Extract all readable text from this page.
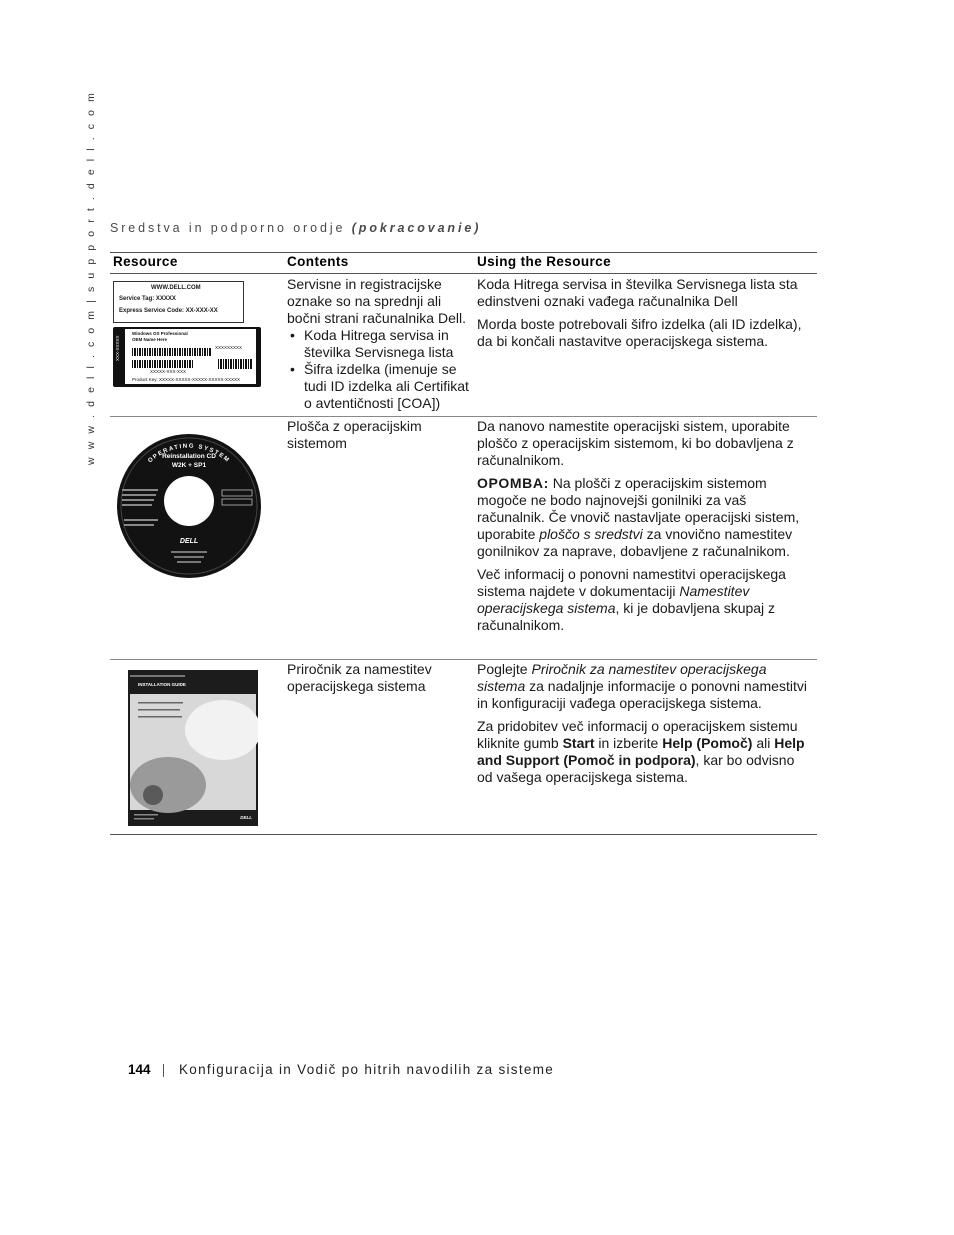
w w w . d e l l . c o m | s u p p o r t . d e l l . c o m Sredstva in podporno orodje (pokracovanie)
Resource	Contents	Using the Resource
WWW.DELL.COM
Service Tag: XXXXX
Express Service Code: XX-XXX-XX
XXX-XXXXX
Windows OS Professional
OEM Name Here
XXXXXXXXX
XXXXX-XXX-XXX
Product Key: XXXXX-XXXXX-XXXXX-XXXXX-XXXXX

Servisne in registracijske oznake so na sprednji ali bočni strani računalnika Dell.

• Koda Hitrega servisa in številka Servisnega lista
• Šifra izdelka (imenuje se tudi ID izdelka ali Certifikat o avtentičnosti [COA])

Koda Hitrega servisa in številka Servisnega lista sta edinstveni oznaki vađega računalnika Dell

Morda boste potrebovali šifro izdelka (ali ID izdelka), da bi končali nastavitve operacijskega sistema.

OPERATING SYSTEM
Reinstallation CD
W2K + SP1
DELL

Plošča z operacijskim sistemom

Da nanovo namestite operacijski sistem, uporabite ploščo z operacijskim sistemom, ki bo dobavljena z računalnikom.

OPOMBA: Na plošči z operacijskim sistemom mogoče ne bodo najnovejši gonilniki za vaš računalnik. Če vnovič nastavljate operacijski sistem, uporabite ploščo s sredstvi za vnovično namestitev gonilnikov za naprave, dobavljene z računalnikom.

Več informacij o ponovni namestitvi operacijskega sistema najdete v dokumentaciji Namestitev operacijskega sistema, ki je dobavljena skupaj z računalnikom.

INSTALLATION GUIDE
DELL

Priročnik za namestitev operacijskega sistema

Poglejte Priročnik za namestitev operacijskega sistema za nadaljnje informacije o ponovni namestitvi in konfiguraciji vađega operacijskega sistema.

Za pridobitev več informacij o operacijskem sistemu kliknite gumb Start in izberite Help (Pomoč) ali Help and Support (Pomoč in podpora), kar bo odvisno od vašega operacijskega sistema.

144 Konfiguracija in Vodič po hitrih navodilih za sisteme
